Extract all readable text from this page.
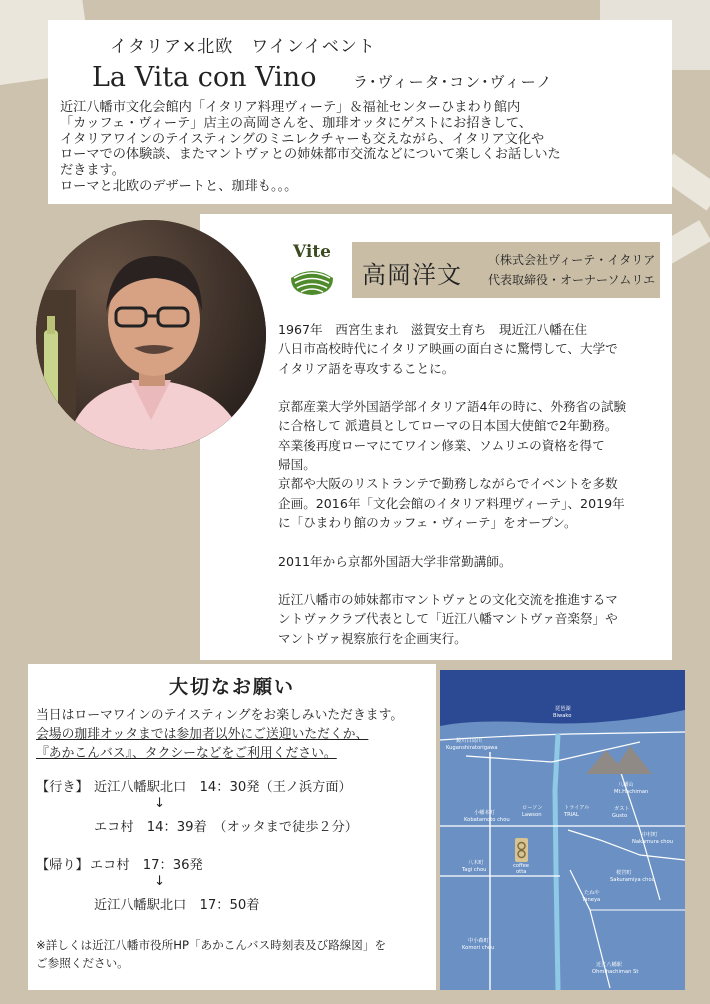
イタリア×北欧　ワインイベント
La Vita con Vino ラ･ヴィータ･コン･ヴィーノ
近江八幡市文化会館内「イタリア料理ヴィーテ」＆福祉センターひまわり館内
「カッフェ・ヴィーテ」店主の高岡さんを、珈琲オッタにゲストにお招きして、
イタリアワインのテイスティングのミニレクチャーも交えながら、イタリア文化や
ローマでの体験談、またマントヴァとの姉妹都市交流などについて楽しくお話しいた
だきます。
ローマと北欧のデザートと、珈琲も。。。
Vite
高岡洋文
（株式会社ヴィーテ・イタリア
代表取締役・オーナーソムリエ
1967年　西宮生まれ　滋賀安土育ち　現近江八幡在住
八日市高校時代にイタリア映画の面白さに驚愕して、大学で
イタリア語を専攻することに。
京都産業大学外国語学部イタリア語4年の時に、外務省の試験
に合格して 派遣員としてローマの日本国大使館で2年勤務。
卒業後再度ローマにてワイン修業、ソムリエの資格を得て
帰国。
京都や大阪のリストランテで勤務しながらでイベントを多数
企画。2016年「文化会館のイタリア料理ヴィーテ」、2019年
に「ひまわり館のカッフェ・ヴィーテ」をオープン。
2011年から京都外国語大学非常勤講師。
近江八幡市の姉妹都市マントヴァとの文化交流を推進するマ
ントヴァクラブ代表として「近江八幡マントヴァ音楽祭」や
マントヴァ視察旅行を企画実行。
大切なお願い
当日はローマワインのテイスティングをお楽しみいただきます。
会場の珈琲オッタまでは参加者以外にご送迎いただくか、
『あかこんバス』、タクシーなどをご利用ください。
【行き】 近江八幡駅北口　14：30発（王ノ浜方面）
↓
エコ村　14：39着　（オッタまで徒歩２分）
【帰り】 エコ村　17：36発
↓
近江八幡駅北口　17：50着
※詳しくは近江八幡市役所HP「あかこんバス時刻表及び路線図」を
ご参照ください。
琵琶湖
Biwako
鏡川白鳥川
Kuganshiratorigawa
八幡山
Mt.Hachiman
小幡本町
Kobatamoto chou
ローソン
Lawson
トライアル
TRIAL
ガスト
Gusto
中村町
Nakamura chou
coffee
otta
八木町
Tagi chou	桜宮町
Sakuramiya chou
たねや
Taneya
中小森町
Komori chou
近江八幡駅
Ohmihachiman St
